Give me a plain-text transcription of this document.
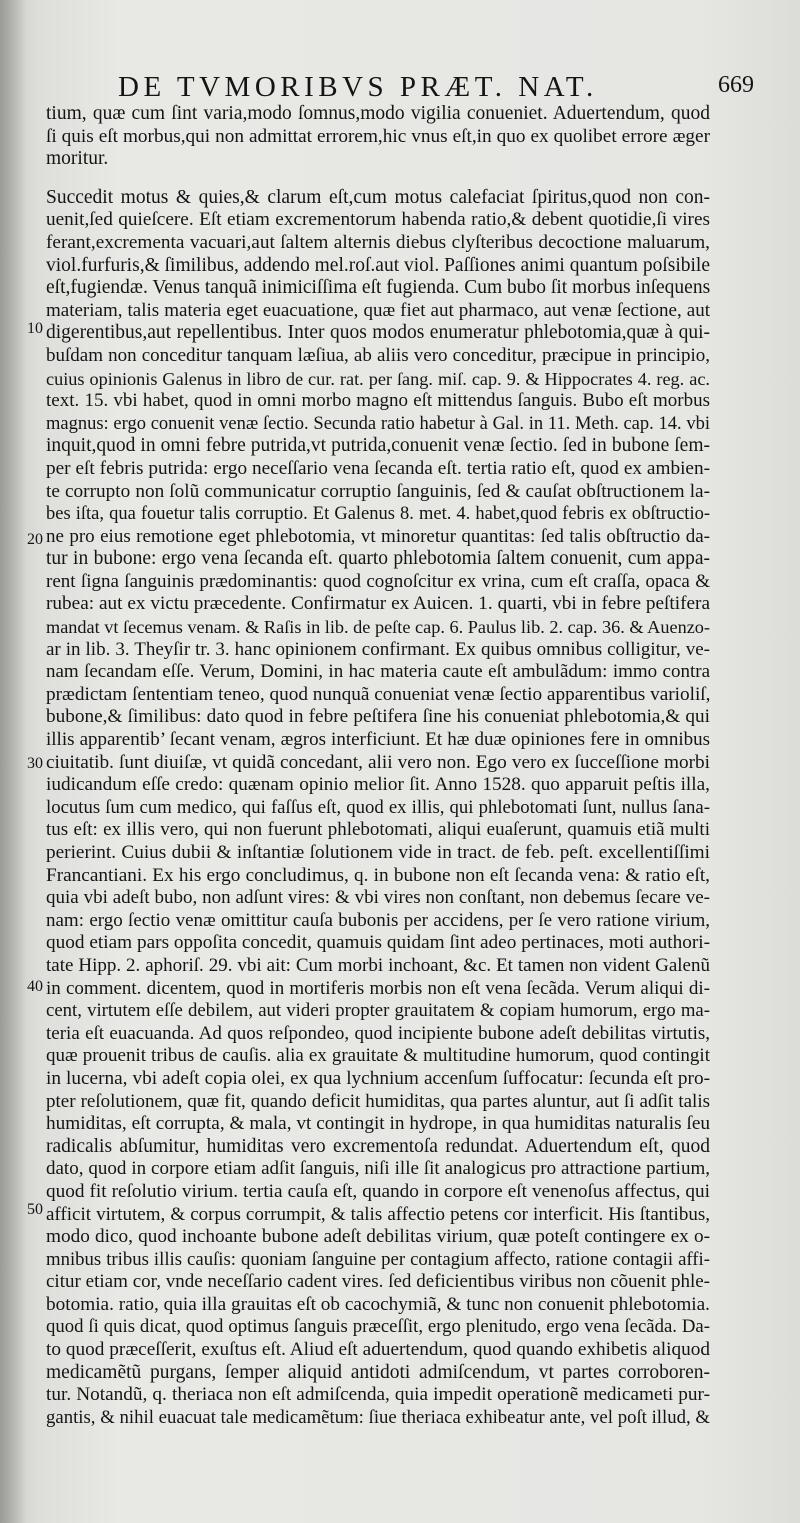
DE TVMORIBVS PRÆT. NAT.	669
10
20
30
40
50
tium, quæ cum ſint varia,modo ſomnus,modo vigilia conueniet. Aduertendum, quod
ſi quis eſt morbus,qui non admittat errorem,hic vnus eſt,in quo ex quolibet errore æger
moritur.
Succedit motus & quies,& clarum eſt,cum motus calefaciat ſpiritus,quod non con-
uenit,ſed quieſcere. Eſt etiam excrementorum habenda ratio,& debent quotidie,ſi vires
ferant,excrementa vacuari,aut ſaltem alternis diebus clyſteribus decoctione maluarum,
viol.furfuris,& ſimilibus, addendo mel.roſ.aut viol. Paſſiones animi quantum poſsibile
eſt,fugiendæ. Venus tanquã inimiciſſima eſt fugienda. Cum bubo ſit morbus inſequens
materiam, talis materia eget euacuatione, quæ fiet aut pharmaco, aut venæ ſectione, aut
digerentibus,aut repellentibus. Inter quos modos enumeratur phlebotomia,quæ à qui-
buſdam non conceditur tanquam læſiua, ab aliis vero conceditur, præcipue in principio,
cuius opinionis Galenus in libro de cur. rat. per ſang. miſ. cap. 9. & Hippocrates 4. reg. ac.
text. 15. vbi habet, quod in omni morbo magno eſt mittendus ſanguis. Bubo eſt morbus
magnus: ergo conuenit venæ ſectio. Secunda ratio habetur à Gal. in 11. Meth. cap. 14. vbi
inquit,quod in omni febre putrida,vt putrida,conuenit venæ ſectio. ſed in bubone ſem-
per eſt febris putrida: ergo neceſſario vena ſecanda eſt. tertia ratio eſt, quod ex ambien-
te corrupto non ſolũ communicatur corruptio ſanguinis, ſed & cauſat obſtructionem la-
bes iſta, qua fouetur talis corruptio. Et Galenus 8. met. 4. habet,quod febris ex obſtructio-
ne pro eius remotione eget phlebotomia, vt minoretur quantitas: ſed talis obſtructio da-
tur in bubone: ergo vena ſecanda eſt. quarto phlebotomia ſaltem conuenit, cum appa-
rent ſigna ſanguinis prædominantis: quod cognoſcitur ex vrina, cum eſt craſſa, opaca &
rubea: aut ex victu præcedente. Confirmatur ex Auicen. 1. quarti, vbi in febre peſtifera
mandat vt ſecemus venam. & Raſis in lib. de peſte cap. 6. Paulus lib. 2. cap. 36. & Auenzo-
ar in lib. 3. Theyſir tr. 3. hanc opinionem confirmant. Ex quibus omnibus colligitur, ve-
nam ſecandam eſſe. Verum, Domini, in hac materia caute eſt ambulãdum: immo contra
prædictam ſententiam teneo, quod nunquã conueniat venæ ſectio apparentibus varioliſ,
bubone,& ſimilibus: dato quod in febre peſtifera ſine his conueniat phlebotomia,& qui
illis apparentib’ ſecant venam, ægros interficiunt. Et hæ duæ opiniones fere in omnibus
ciuitatib. ſunt diuiſæ, vt quidã concedant, alii vero non. Ego vero ex ſucceſſione morbi
iudicandum eſſe credo: quænam opinio melior ſit. Anno 1528. quo apparuit peſtis illa,
locutus ſum cum medico, qui faſſus eſt, quod ex illis, qui phlebotomati ſunt, nullus ſana-
tus eſt: ex illis vero, qui non fuerunt phlebotomati, aliqui euaſerunt, quamuis etiã multi
perierint. Cuius dubii & inſtantiæ ſolutionem vide in tract. de feb. peſt. excellentiſſimi
Francantiani. Ex his ergo concludimus, q. in bubone non eſt ſecanda vena: & ratio eſt,
quia vbi adeſt bubo, non adſunt vires: & vbi vires non conſtant, non debemus ſecare ve-
nam: ergo ſectio venæ omittitur cauſa bubonis per accidens, per ſe vero ratione virium,
quod etiam pars oppoſita concedit, quamuis quidam ſint adeo pertinaces, moti authori-
tate Hipp. 2. aphoriſ. 29. vbi ait: Cum morbi inchoant, &c. Et tamen non vident Galenũ
in comment. dicentem, quod in mortiferis morbis non eſt vena ſecãda. Verum aliqui di-
cent, virtutem eſſe debilem, aut videri propter grauitatem & copiam humorum, ergo ma-
teria eſt euacuanda. Ad quos reſpondeo, quod incipiente bubone adeſt debilitas virtutis,
quæ prouenit tribus de cauſis. alia ex grauitate & multitudine humorum, quod contingit
in lucerna, vbi adeſt copia olei, ex qua lychnium accenſum ſuffocatur: ſecunda eſt pro-
pter reſolutionem, quæ fit, quando deficit humiditas, qua partes aluntur, aut ſi adſit talis
humiditas, eſt corrupta, & mala, vt contingit in hydrope, in qua humiditas naturalis ſeu
radicalis abſumitur, humiditas vero excrementoſa redundat. Aduertendum eſt, quod
dato, quod in corpore etiam adſit ſanguis, niſi ille ſit analogicus pro attractione partium,
quod fit reſolutio virium. tertia cauſa eſt, quando in corpore eſt venenoſus affectus, qui
afficit virtutem, & corpus corrumpit, & talis affectio petens cor interficit. His ſtantibus,
modo dico, quod inchoante bubone adeſt debilitas virium, quæ poteſt contingere ex o-
mnibus tribus illis cauſis: quoniam ſanguine per contagium affecto, ratione contagii affi-
citur etiam cor, vnde neceſſario cadent vires. ſed deficientibus viribus non cõuenit phle-
botomia. ratio, quia illa grauitas eſt ob cacochymiã, & tunc non conuenit phlebotomia.
quod ſi quis dicat, quod optimus ſanguis præceſſit, ergo plenitudo, ergo vena ſecãda. Da-
to quod præceſſerit, exuſtus eſt. Aliud eſt aduertendum, quod quando exhibetis aliquod
medicamẽtũ purgans, ſemper aliquid antidoti admiſcendum, vt partes corroboren-
tur. Notandũ, q. theriaca non eſt admiſcenda, quia impedit operationẽ medicameti pur-
gantis, & nihil euacuat tale medicamẽtum: ſiue theriaca exhibeatur ante, vel poſt illud, &
